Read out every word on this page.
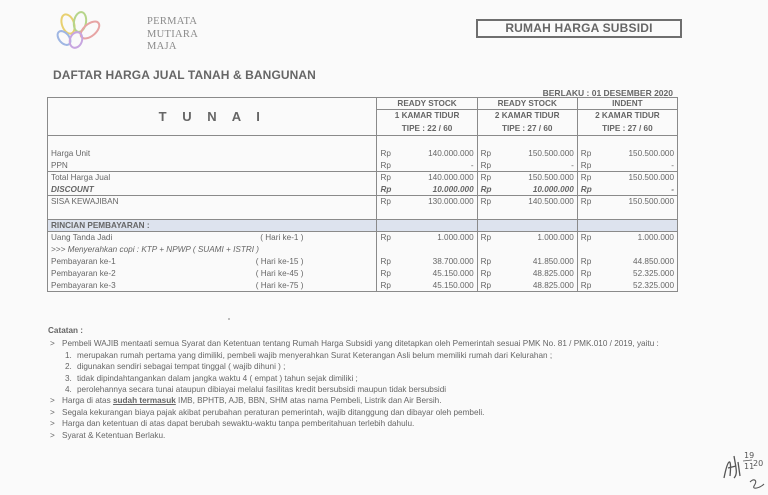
PERMATA
MUTIARA
MAJA
RUMAH HARGA SUBSIDI
DAFTAR HARGA JUAL TANAH & BANGUNAN
BERLAKU : 01 DESEMBER 2020
T U N A I	READY STOCK		READY STOCK		INDENT	
	1 KAMAR TIDUR		2 KAMAR TIDUR		2 KAMAR TIDUR	
	TIPE : 22 / 60		TIPE : 27 / 60		TIPE : 27 / 60	

Harga Unit	Rp	140.000.000	Rp	150.500.000	Rp	150.500.000
PPN	Rp	-	Rp	-	Rp	-
Total Harga Jual	Rp	140.000.000	Rp	150.500.000	Rp	150.500.000
DISCOUNT	Rp	10.000.000	Rp	10.000.000	Rp	-
SISA KEWAJIBAN	Rp	130.000.000	Rp	140.500.000	Rp	150.500.000

RINCIAN PEMBAYARAN :						
Uang Tanda Jadi ( Hari ke-1 )	Rp	1.000.000	Rp	1.000.000	Rp	1.000.000
>>> Menyerahkan copi : KTP + NPWP ( SUAMI + ISTRI )						
Pembayaran ke-1 ( Hari ke-15 )	Rp	38.700.000	Rp	41.850.000	Rp	44.850.000
Pembayaran ke-2 ( Hari ke-45 )	Rp	45.150.000	Rp	48.825.000	Rp	52.325.000
Pembayaran ke-3 ( Hari ke-75 )	Rp	45.150.000	Rp	48.825.000	Rp	52.325.000
Catatan :
> Pembeli WAJIB mentaati semua Syarat dan Ketentuan tentang Rumah Harga Subsidi yang ditetapkan oleh Pemerintah sesuai PMK No. 81 / PMK.010 / 2019, yaitu :
1. merupakan rumah pertama yang dimiliki, pembeli wajib menyerahkan Surat Keterangan Asli belum memiliki rumah dari Kelurahan ;
2. digunakan sendiri sebagai tempat tinggal ( wajib dihuni ) ;
3. tidak dipindahtangankan dalam jangka waktu 4 ( empat ) tahun sejak dimiliki ;
4. perolehannya secara tunai ataupun dibiayai melalui fasilitas kredit bersubsidi maupun tidak bersubsidi
> Harga di atas sudah termasuk IMB, BPHTB, AJB, BBN, SHM atas nama Pembeli, Listrik dan Air Bersih.
> Segala kekurangan biaya pajak akibat perubahan peraturan pemerintah, wajib ditanggung dan dibayar oleh pembeli.
> Harga dan ketentuan di atas dapat berubah sewaktu-waktu tanpa pemberitahuan terlebih dahulu.
> Syarat & Ketentuan Berlaku.
19
11
20
